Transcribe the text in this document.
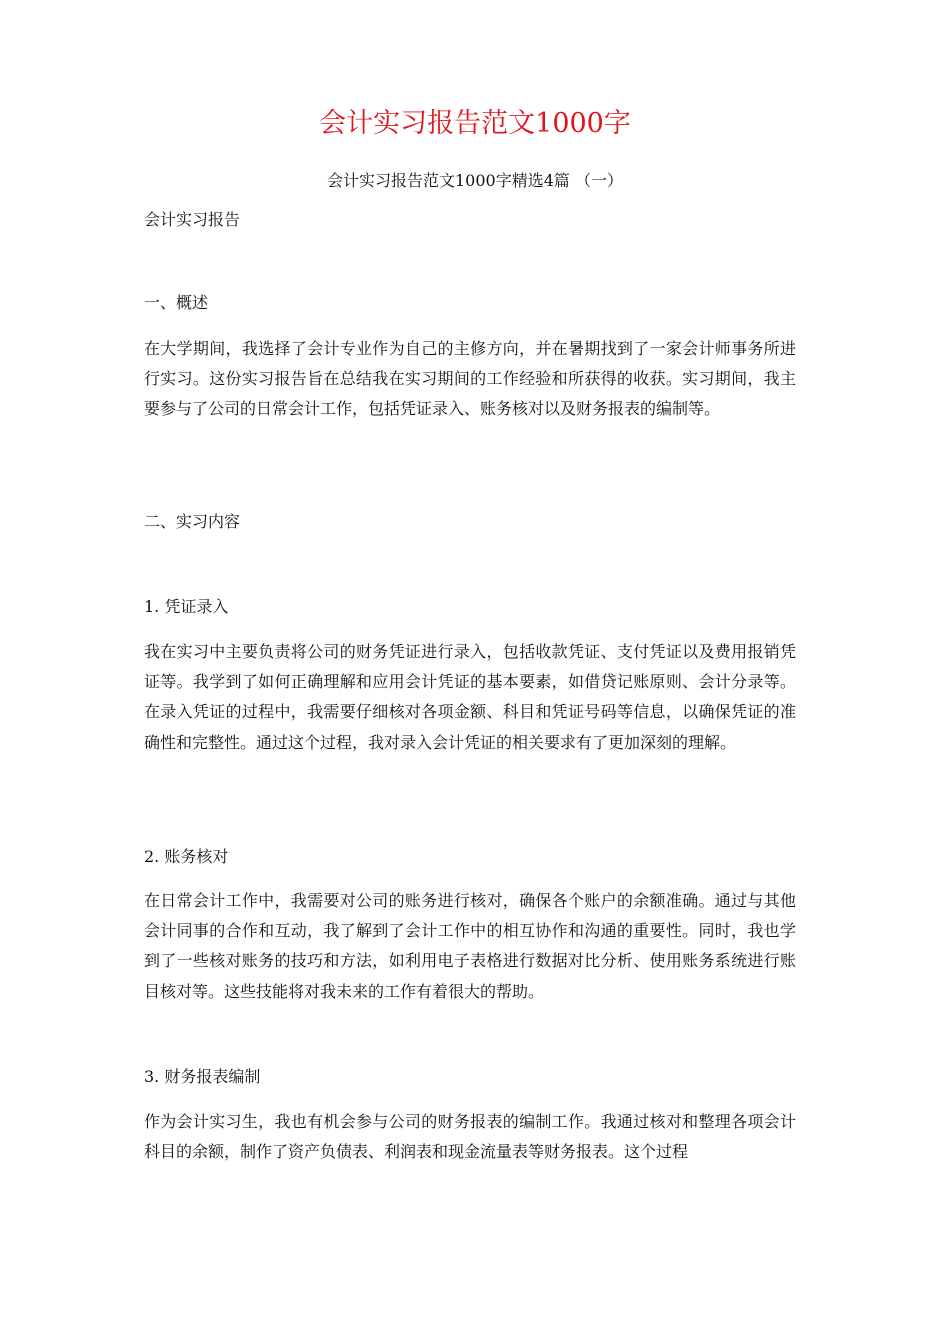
会计实习报告范文1000字
会计实习报告范文1000字精选4篇 （一）
会计实习报告
一、概述
在大学期间，我选择了会计专业作为自己的主修方向，并在暑期找到了一家会计师事务所进行实习。这份实习报告旨在总结我在实习期间的工作经验和所获得的收获。实习期间，我主要参与了公司的日常会计工作，包括凭证录入、账务核对以及财务报表的编制等。
二、实习内容
1. 凭证录入
我在实习中主要负责将公司的财务凭证进行录入，包括收款凭证、支付凭证以及费用报销凭证等。我学到了如何正确理解和应用会计凭证的基本要素，如借贷记账原则、会计分录等。在录入凭证的过程中，我需要仔细核对各项金额、科目和凭证号码等信息，以确保凭证的准确性和完整性。通过这个过程，我对录入会计凭证的相关要求有了更加深刻的理解。
2. 账务核对
在日常会计工作中，我需要对公司的账务进行核对，确保各个账户的余额准确。通过与其他会计同事的合作和互动，我了解到了会计工作中的相互协作和沟通的重要性。同时，我也学到了一些核对账务的技巧和方法，如利用电子表格进行数据对比分析、使用账务系统进行账目核对等。这些技能将对我未来的工作有着很大的帮助。
3. 财务报表编制
作为会计实习生，我也有机会参与公司的财务报表的编制工作。我通过核对和整理各项会计科目的余额，制作了资产负债表、利润表和现金流量表等财务报表。这个过程
